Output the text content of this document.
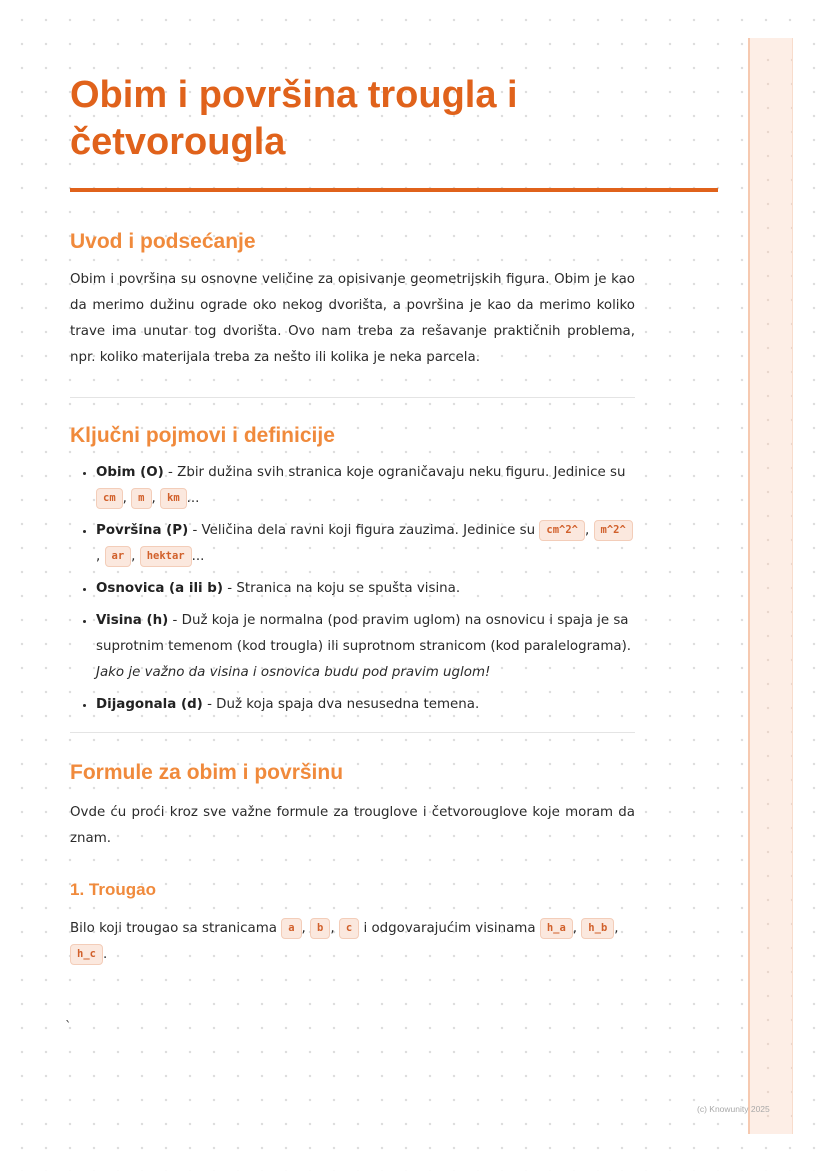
Obim i površina trougla i četvorougla
Uvod i podsećanje

Obim i površina su osnovne veličine za opisivanje geometrijskih figura. Obim je kao da merimo dužinu ograde oko nekog dvorišta, a površina je kao da merimo koliko trave ima unutar tog dvorišta. Ovo nam treba za rešavanje praktičnih problema, npr. koliko materijala treba za nešto ili kolika je neka parcela.

Ključni pojmovi i definicije
• Obim (O) - Zbir dužina svih stranica koje ograničavaju neku figuru. Jedinice su cm , m , km ...
• Površina (P) - Veličina dela ravni koji figura zauzima. Jedinice su cm^2^ , m^2^, ar , hektar ...
• Osnovica (a ili b) - Stranica na koju se spušta visina.
• Visina (h) - Duž koja je normalna (pod pravim uglom) na osnovicu i spaja je sa suprotnim temenom (kod trougla) ili suprotnom stranicom (kod paralelograma).
Jako je važno da visina i osnovica budu pod pravim uglom!
• Dijagonala (d) - Duž koja spaja dva nesusedna temena.
Formule za obim i površinu

Ovde ću proći kroz sve važne formule za trouglove i četvorouglove koje moram da znam.

1. Trougao

Bilo koji trougao sa stranicama a , b , c i odgovarajućim visinama h_a , h_b , h_c .

`
(c) Knowunity 2025
